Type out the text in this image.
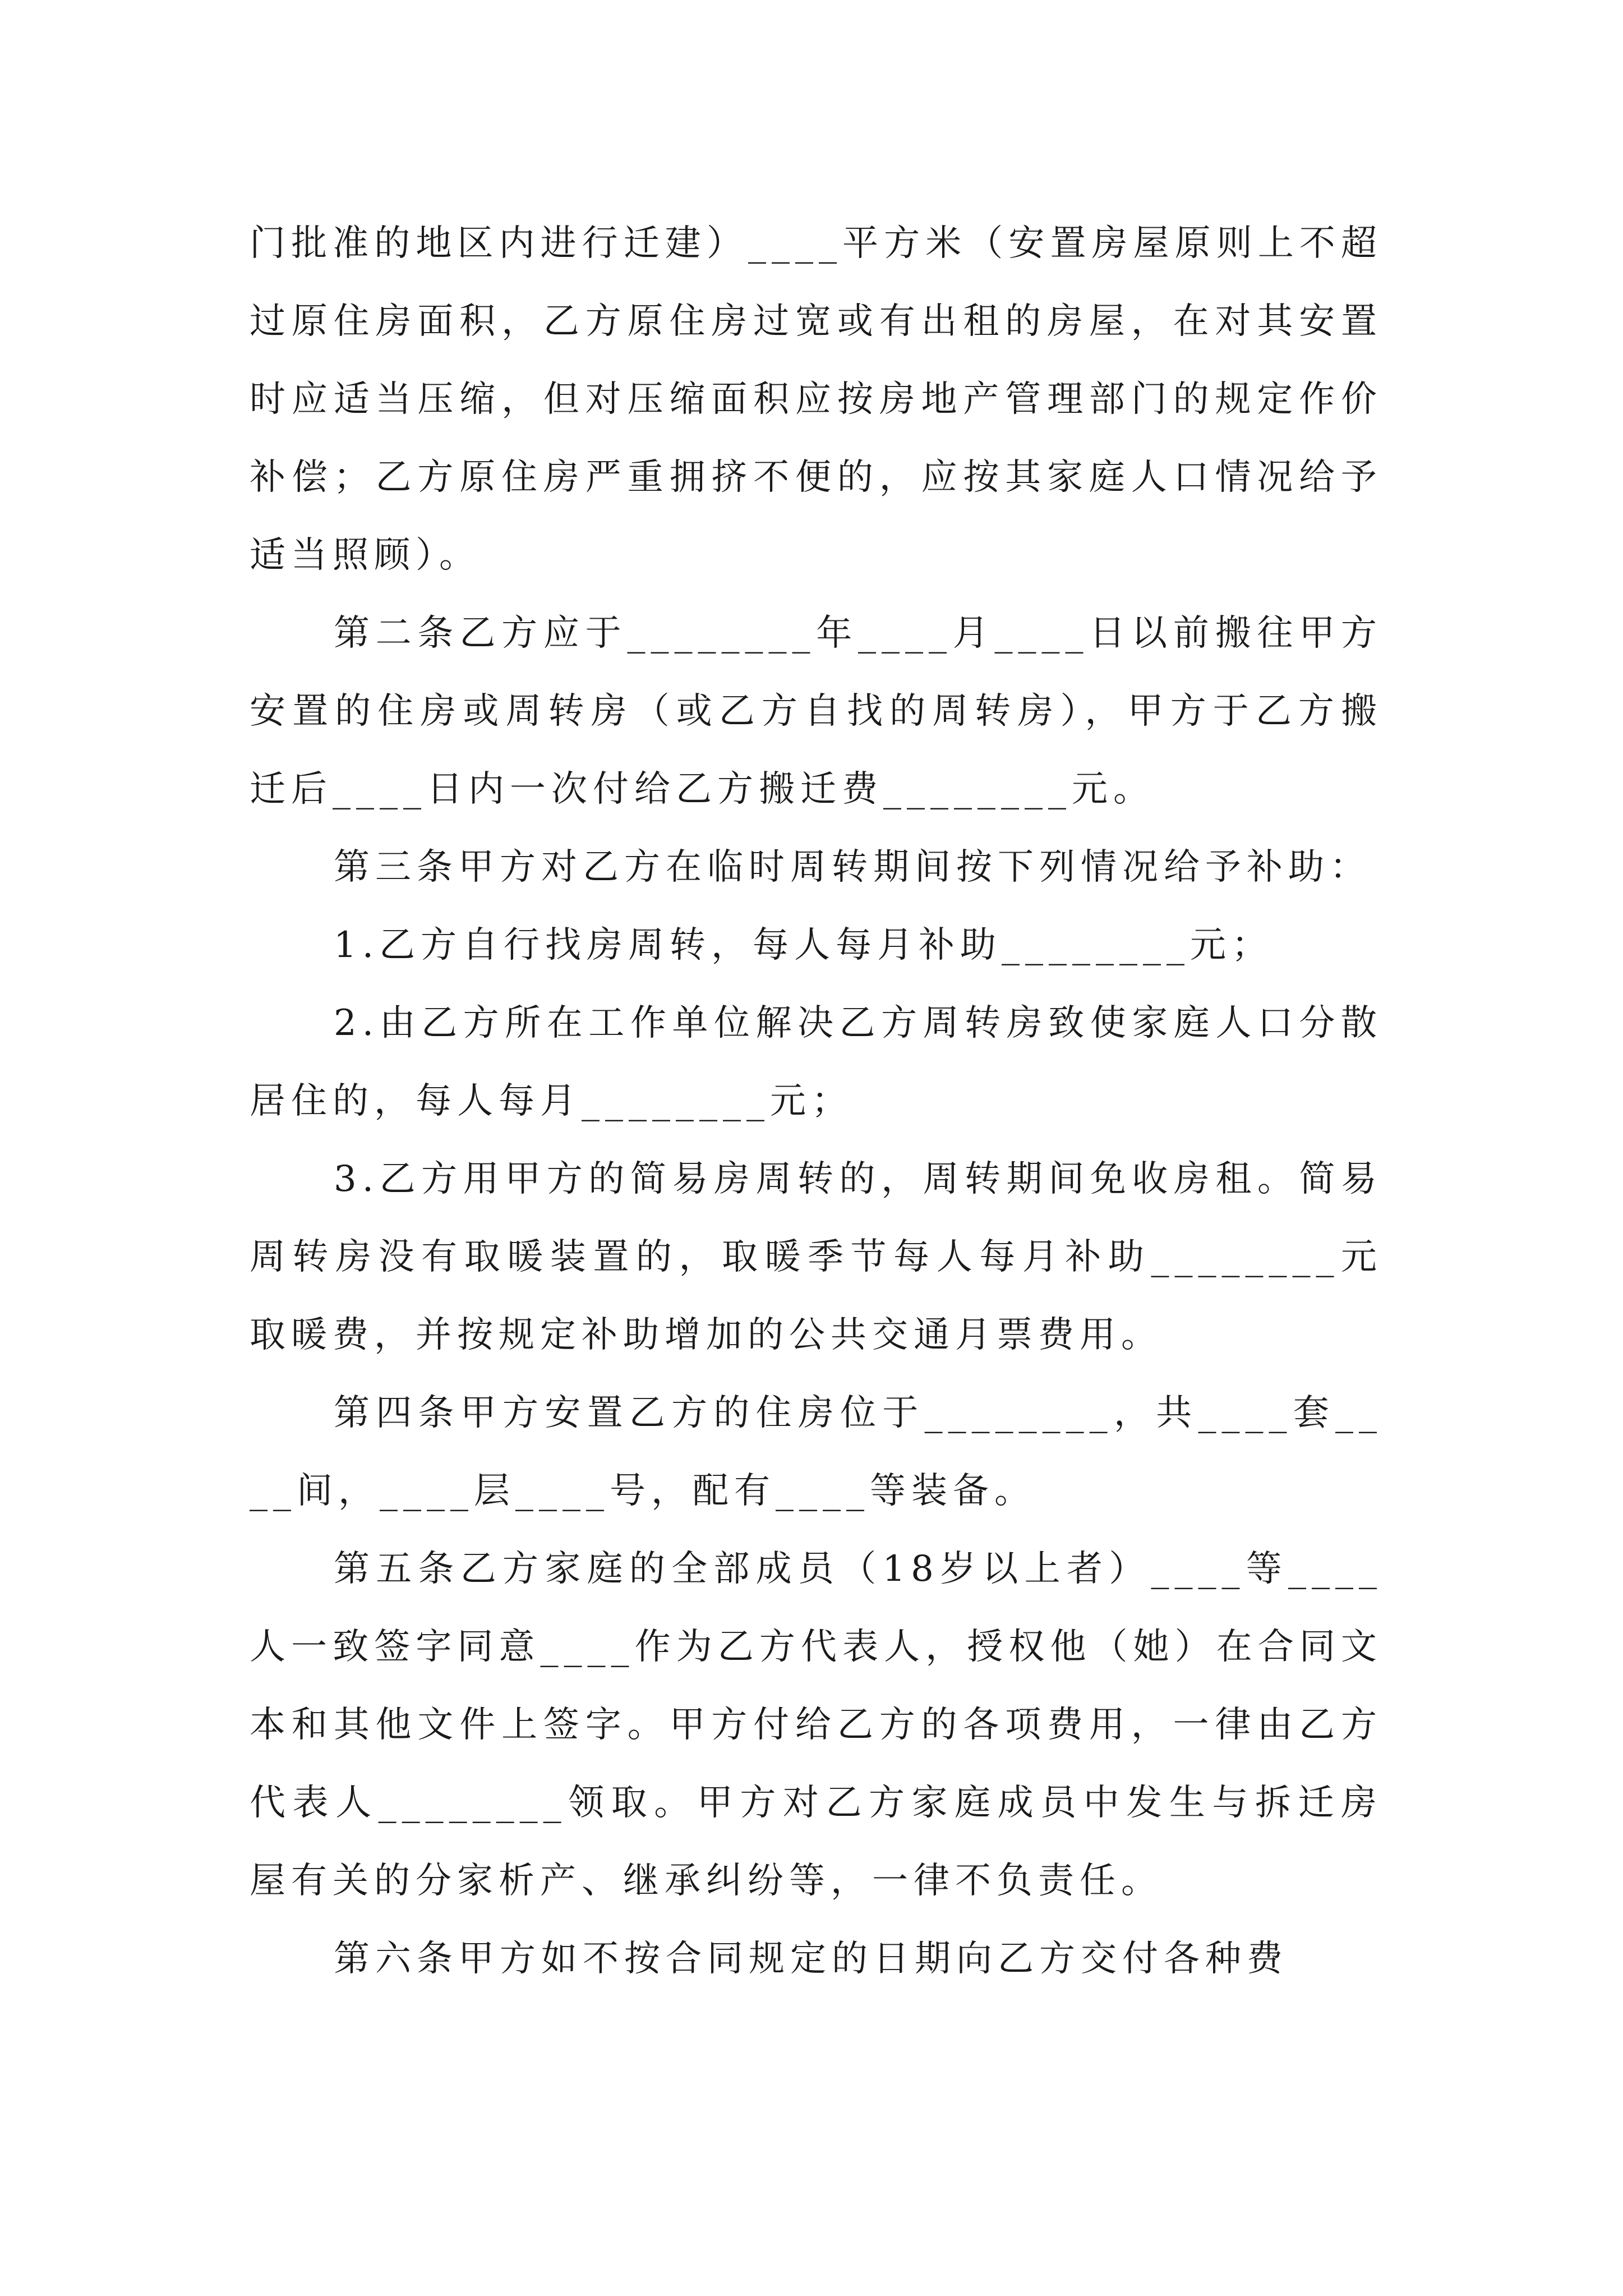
门批准的地区内进行迁建）____平方米（安置房屋原则上不超过原住房面积，乙方原住房过宽或有出租的房屋，在对其安置时应适当压缩，但对压缩面积应按房地产管理部门的规定作价补偿；乙方原住房严重拥挤不便的，应按其家庭人口情况给予适当照顾）。

第二条乙方应于________年____月____日以前搬往甲方安置的住房或周转房（或乙方自找的周转房），甲方于乙方搬迁后____日内一次付给乙方搬迁费________元。

第三条甲方对乙方在临时周转期间按下列情况给予补助：

1.乙方自行找房周转，每人每月补助________元；

2.由乙方所在工作单位解决乙方周转房致使家庭人口分散居住的，每人每月________元；

3.乙方用甲方的简易房周转的，周转期间免收房租。简易周转房没有取暖装置的，取暖季节每人每月补助________元取暖费，并按规定补助增加的公共交通月票费用。

第四条甲方安置乙方的住房位于________，共____套____间，____层____号，配有____等装备。

第五条乙方家庭的全部成员（18岁以上者）____等____人一致签字同意____作为乙方代表人，授权他（她）在合同文本和其他文件上签字。甲方付给乙方的各项费用，一律由乙方代表人________领取。甲方对乙方家庭成员中发生与拆迁房屋有关的分家析产、继承纠纷等，一律不负责任。

第六条甲方如不按合同规定的日期向乙方交付各种费
